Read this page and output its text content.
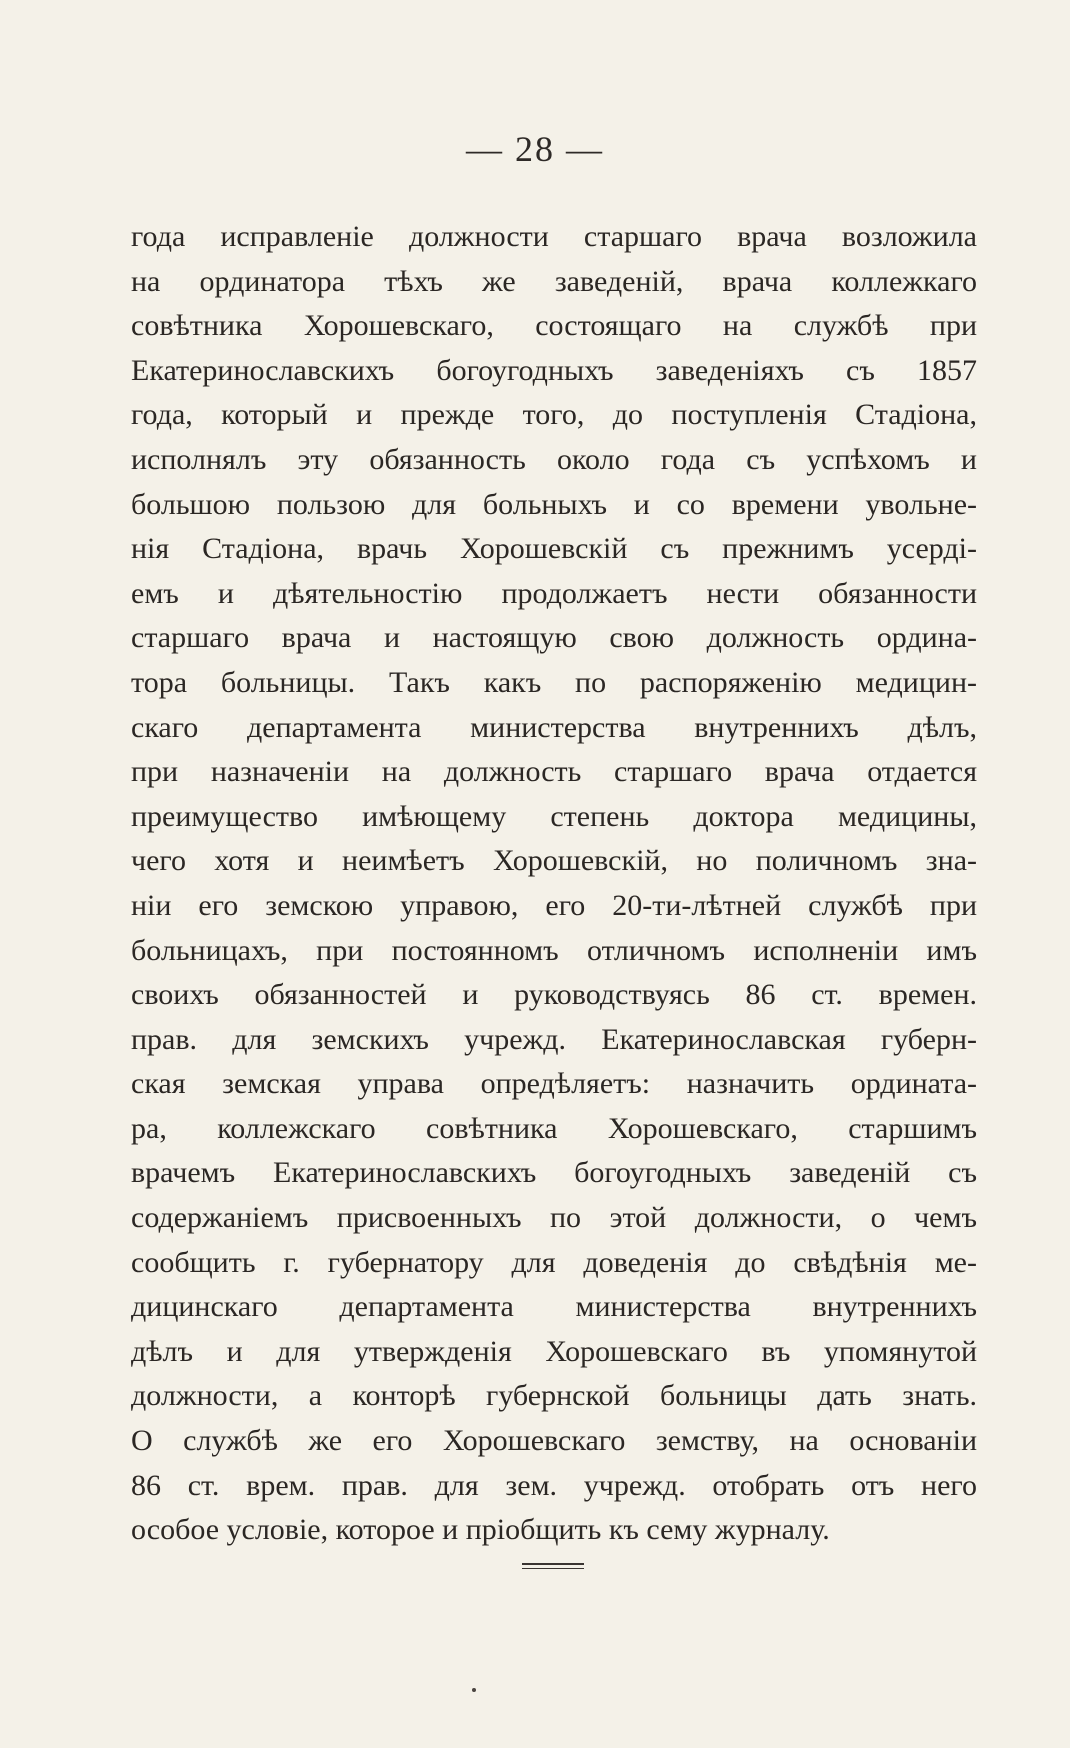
— 28 —
года исправленіе должности старшаго врача возложила
на ординатора тѣхъ же заведеній, врача коллежкаго
совѣтника Хорошевскаго, состоящаго на службѣ при
Екатеринославскихъ богоугодныхъ заведеніяхъ съ 1857
года, который и прежде того, до поступленія Стадіона,
исполнялъ эту обязанность около года съ успѣхомъ и
большою пользою для больныхъ и со времени увольне-
нія Стадіона, врачь Хорошевскій съ прежнимъ усерді-
емъ и дѣятельностію продолжаетъ нести обязанности
старшаго врача и настоящую свою должность ордина-
тора больницы. Такъ какъ по распоряженію медицин-
скаго департамента министерства внутреннихъ дѣлъ,
при назначеніи на должность старшаго врача отдается
преимущество имѣющему степень доктора медицины,
чего хотя и неимѣетъ Хорошевскій, но поличномъ зна-
ніи его земскою управою, его 20-ти-лѣтней службѣ при
больницахъ, при постоянномъ отличномъ исполненіи имъ
своихъ обязанностей и руководствуясь 86 ст. времен.
прав. для земскихъ учрежд. Екатеринославская губерн-
ская земская управа опредѣляетъ: назначить ордината-
ра, коллежскаго совѣтника Хорошевскаго, старшимъ
врачемъ Екатеринославскихъ богоугодныхъ заведеній съ
содержаніемъ присвоенныхъ по этой должности, о чемъ
сообщить г. губернатору для доведенія до свѣдѣнія ме-
дицинскаго департамента министерства внутреннихъ
дѣлъ и для утвержденія Хорошевскаго въ упомянутой
должности, а конторѣ губернской больницы дать знать.
О службѣ же его Хорошевскаго земству, на основаніи
86 ст. врем. прав. для зем. учрежд. отобрать отъ него
особое условіе, которое и пріобщить къ сему журналу.
